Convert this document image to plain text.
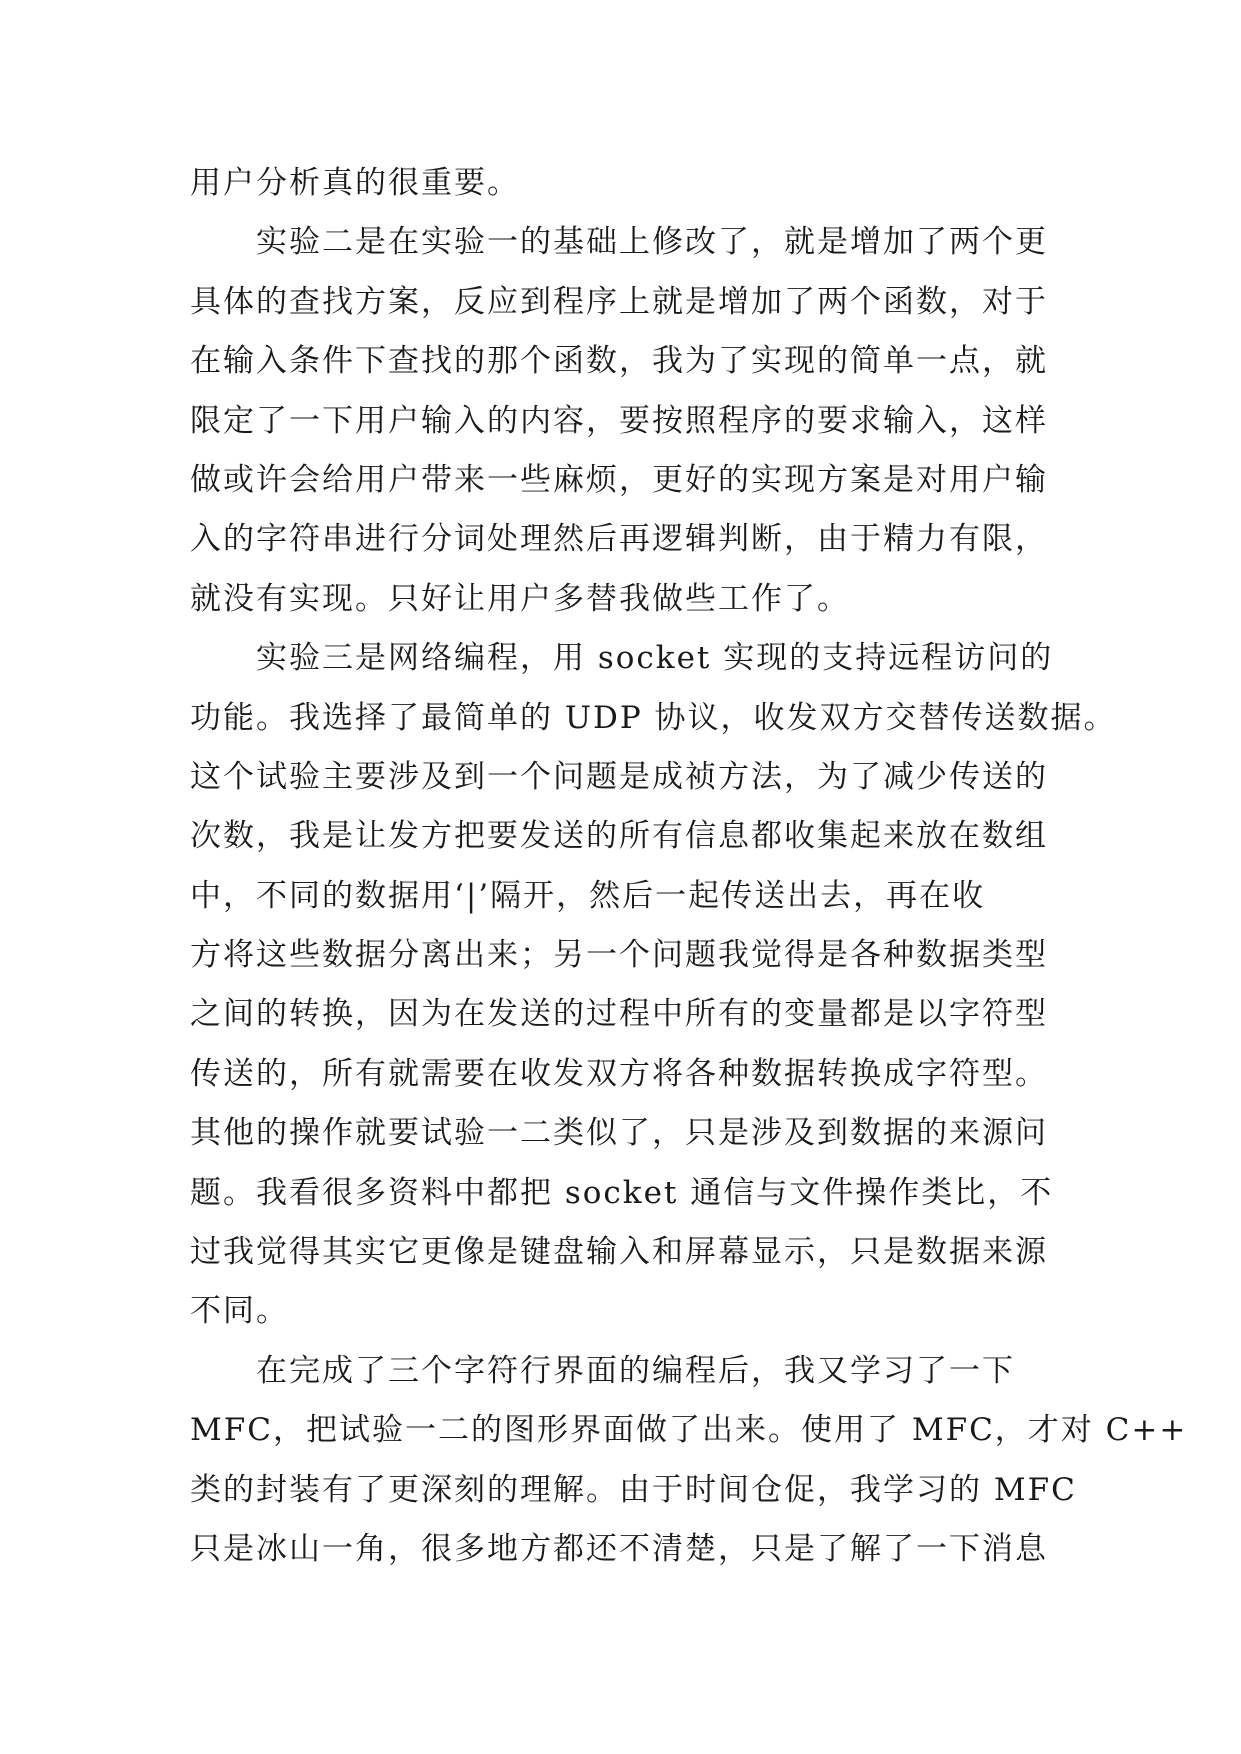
用户分析真的很重要。
实验二是在实验一的基础上修改了，就是增加了两个更
具体的查找方案，反应到程序上就是增加了两个函数，对于
在输入条件下查找的那个函数，我为了实现的简单一点，就
限定了一下用户输入的内容，要按照程序的要求输入，这样
做或许会给用户带来一些麻烦，更好的实现方案是对用户输
入的字符串进行分词处理然后再逻辑判断，由于精力有限，
就没有实现。只好让用户多替我做些工作了。
实验三是网络编程，用 socket 实现的支持远程访问的
功能。我选择了最简单的 UDP 协议，收发双方交替传送数据。
这个试验主要涉及到一个问题是成祯方法，为了减少传送的
次数，我是让发方把要发送的所有信息都收集起来放在数组
中，不同的数据用‘|’隔开，然后一起传送出去，再在收
方将这些数据分离出来；另一个问题我觉得是各种数据类型
之间的转换，因为在发送的过程中所有的变量都是以字符型
传送的，所有就需要在收发双方将各种数据转换成字符型。
其他的操作就要试验一二类似了，只是涉及到数据的来源问
题。我看很多资料中都把 socket 通信与文件操作类比，不
过我觉得其实它更像是键盘输入和屏幕显示，只是数据来源
不同。
在完成了三个字符行界面的编程后，我又学习了一下
MFC，把试验一二的图形界面做了出来。使用了 MFC，才对 C++
类的封装有了更深刻的理解。由于时间仓促，我学习的 MFC
只是冰山一角，很多地方都还不清楚，只是了解了一下消息
